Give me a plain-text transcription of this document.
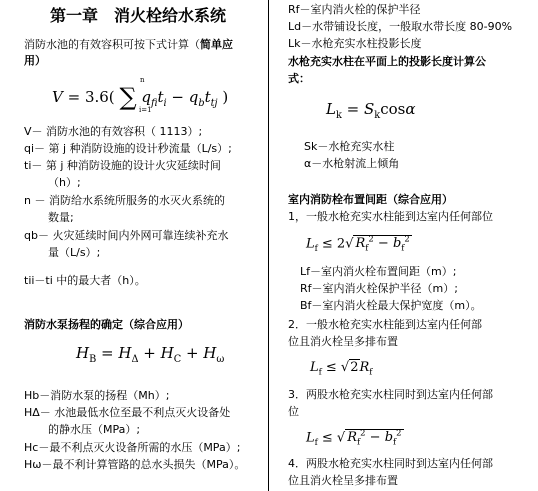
第一章　消火栓给水系统
消防水池的有效容积可按下式计算（简单应
用）
V = 3.6( ∑ i=1
n
$q_{fi}t_i - q_bt_{tj}$ )
V－ 消防水池的有效容积（ 1113）;
qi－ 第 j 种消防设施的设计秒流量（L/s）;
ti－ 第 j 种消防设施的设计火灾延续时间
（h）;
n － 消防给水系统所服务的水灭火系统的
数量;
qb－ 火灾延续时间内外网可靠连续补充水
量（L/s）;
tii－ti 中的最大者（h）。
消防水泵扬程的确定（综合应用）
$H_B = H_\Delta + H_C + H_\omega$
Hb－消防水泵的扬程（Mh）;
HΔ－ 水池最低水位至最不利点灭火设备处
的静水压（MPa）;
Hc－最不利点灭火设备所需的水压（MPa）;
Hω－最不利计算管路的总水头损失（MPa）。
Rf－室内消火栓的保护半径
Ld－水带铺设长度，一般取水带长度 80-90%
Lk－水枪充实水柱投影长度
水枪充实水柱在平面上的投影长度计算公
式：
$L_k = S_k\cos\alpha$
Sk－水枪充实水柱
α－水枪射流上倾角
室内消防栓布置间距（综合应用）
1，一般水枪充实水柱能到达室内任何部位
$L_f \le 2√$ $R_f^2 - b_f^2$
Lf－室内消火栓布置间距（m）;
Rf－室内消火栓保护半径（m）;
Bf－室内消火栓最大保护宽度（m）。
2．一般水枪充实水柱能到达室内任何部
位且消火栓呈多排布置
$L_f \le √2R_f$
3．两股水枪充实水柱同时到达室内任何部
位
$L_f$ ≤ √ $R_f^2 - b_f^2$
4．两股水枪充实水柱同时到达室内任何部
位且消火栓呈多排布置
